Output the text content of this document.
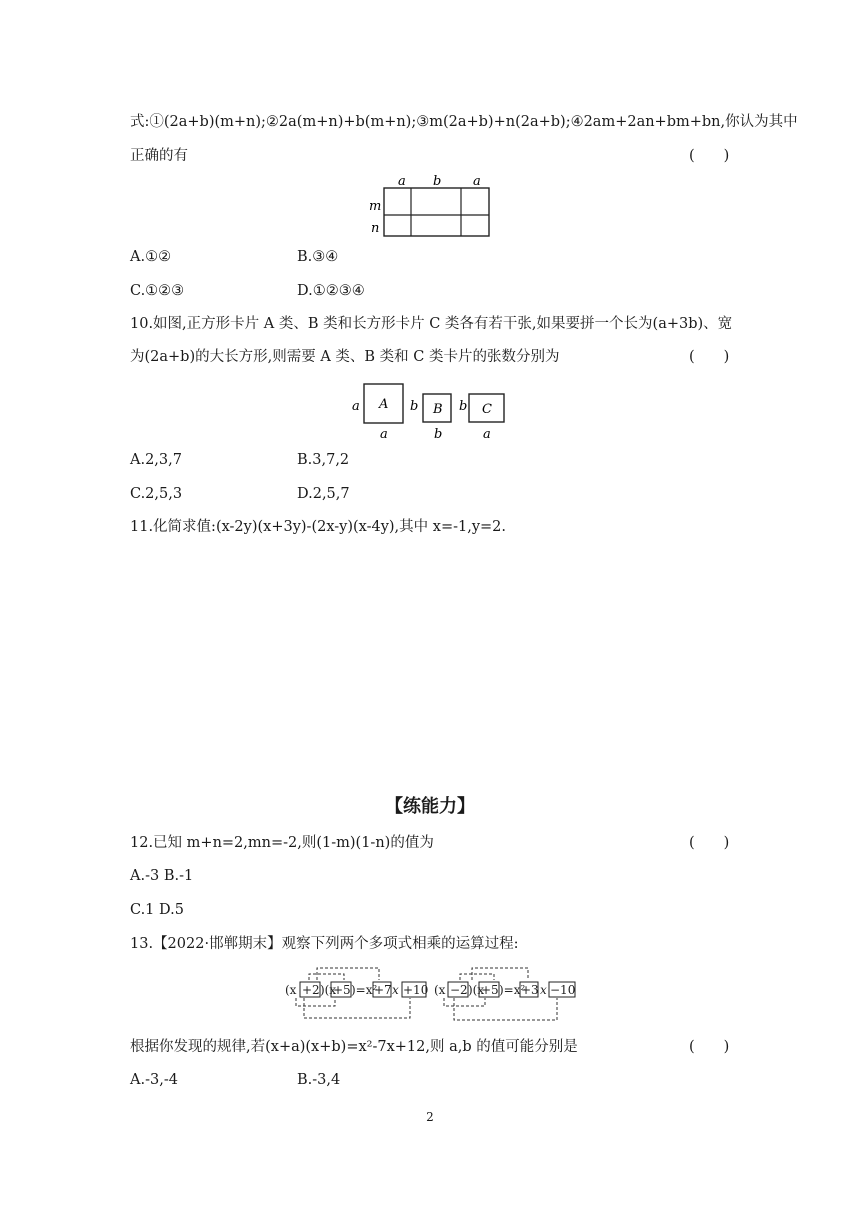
式:①(2a+b)(m+n);②2a(m+n)+b(m+n);③m(2a+b)+n(2a+b);④2am+2an+bm+bn,你认为其中
正确的有	(　　)
a b a
m
n
A.①②	B.③④
C.①②③	D.①②③④
10.如图,正方形卡片 A 类、B 类和长方形卡片 C 类各有若干张,如果要拼一个长为(a+3b)、宽
为(2a+b)的大长方形,则需要 A 类、B 类和 C 类卡片的张数分别为	(　　)
a A
a
b B
b
b C
a
A.2,3,7	B.3,7,2
C.2,5,3	D.2,5,7
11.化简求值:(x-2y)(x+3y)-(2x-y)(x-4y),其中 x=-1,y=2.
【练能力】
12.已知 m+n=2,mn=-2,则(1-m)(1-n)的值为	(　　)
A.-3 B.-1
C.1 D.5
13.【2022·邯郸期末】观察下列两个多项式相乘的运算过程:
(x +2 )(x
+5 )=x²
+7 x +10 (x −2 )(x
+5 )=x²
+3 x −10
根据你发现的规律,若(x+a)(x+b)=x²-7x+12,则 a,b 的值可能分别是	(　　)
A.-3,-4	B.-3,4
2
